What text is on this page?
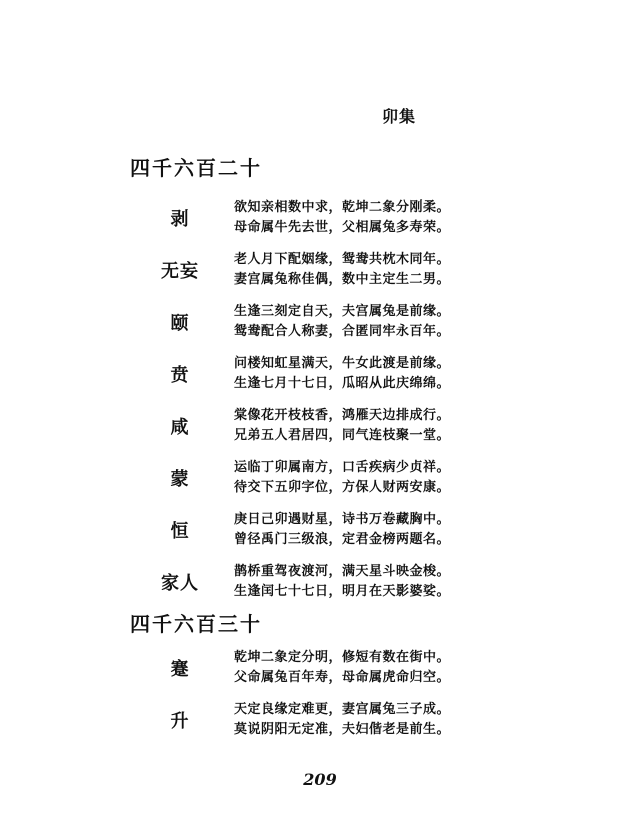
卯集
四千六百二十
剥
欲知亲相数中求，乾坤二象分刚柔。
母命属牛先去世，父相属兔多寿荣。
无妄
老人月下配姻缘，鸳鸯共枕木同年。
妻宫属兔称佳偶，数中主定生二男。
颐
生逢三刻定自天，夫宫属兔是前缘。
鸳鸯配合人称妻，合匿同牢永百年。
贲
问楼知虹星满天，牛女此渡是前缘。
生逢七月十七日，瓜昭从此庆绵绵。
咸
棠像花开枝枝香，鸿雁天边排成行。
兄弟五人君居四，同气连枝聚一堂。
蒙
运临丁卯属南方，口舌疾病少贞祥。
待交下五卯字位，方保人财两安康。
恒
庚日己卯遇财星，诗书万卷藏胸中。
曾径禹门三级浪，定君金榜两题名。
家人
鹊桥重驾夜渡河，满天星斗映金梭。
生逢闰七十七日，明月在天影婆娑。
四千六百三十
蹇
乾坤二象定分明，修短有数在街中。
父命属兔百年寿，母命属虎命归空。
升
天定良缘定难更，妻宫属兔三子成。
莫说阴阳无定准，夫妇偕老是前生。
209
